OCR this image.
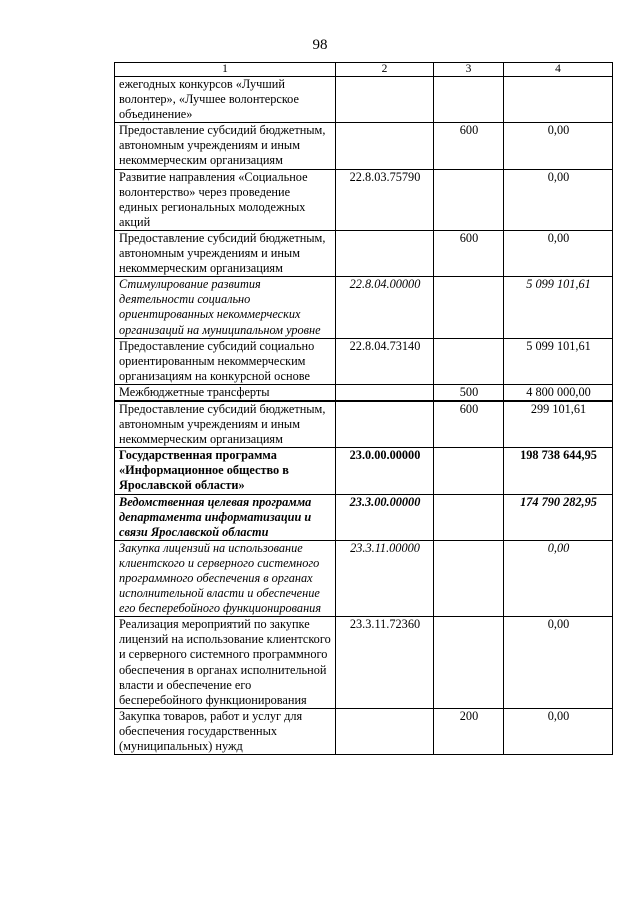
98
1	2	3	4
ежегодных конкурсов «Лучший волонтер», «Лучшее волонтерское объединение»			
Предоставление субсидий бюджетным, автономным учреждениям и иным некоммерческим организациям		600	0,00
Развитие направления «Социальное волонтерство» через проведение единых региональных молодежных акций	22.8.03.75790		0,00
Предоставление субсидий бюджетным, автономным учреждениям и иным некоммерческим организациям		600	0,00
Стимулирование развития деятельности социально ориентированных некоммерческих организаций на муниципальном уровне	22.8.04.00000		5 099 101,61
Предоставление субсидий социально ориентированным некоммерческим организациям на конкурсной основе	22.8.04.73140		5 099 101,61
Межбюджетные трансферты		500	4 800 000,00
Предоставление субсидий бюджетным, автономным учреждениям и иным некоммерческим организациям		600	299 101,61
Государственная программа «Информационное общество в Ярославской области»	23.0.00.00000		198 738 644,95
Ведомственная целевая программа департамента информатизации и связи Ярославской области	23.3.00.00000		174 790 282,95
Закупка лицензий на использование клиентского и серверного системного программного обеспечения в органах исполнительной власти и обеспечение его бесперебойного функционирования	23.3.11.00000		0,00
Реализация мероприятий по закупке лицензий на использование клиентского и серверного системного программного обеспечения в органах исполнительной власти и обеспечение его бесперебойного функционирования	23.3.11.72360		0,00
Закупка товаров, работ и услуг для обеспечения государственных (муниципальных) нужд		200	0,00
